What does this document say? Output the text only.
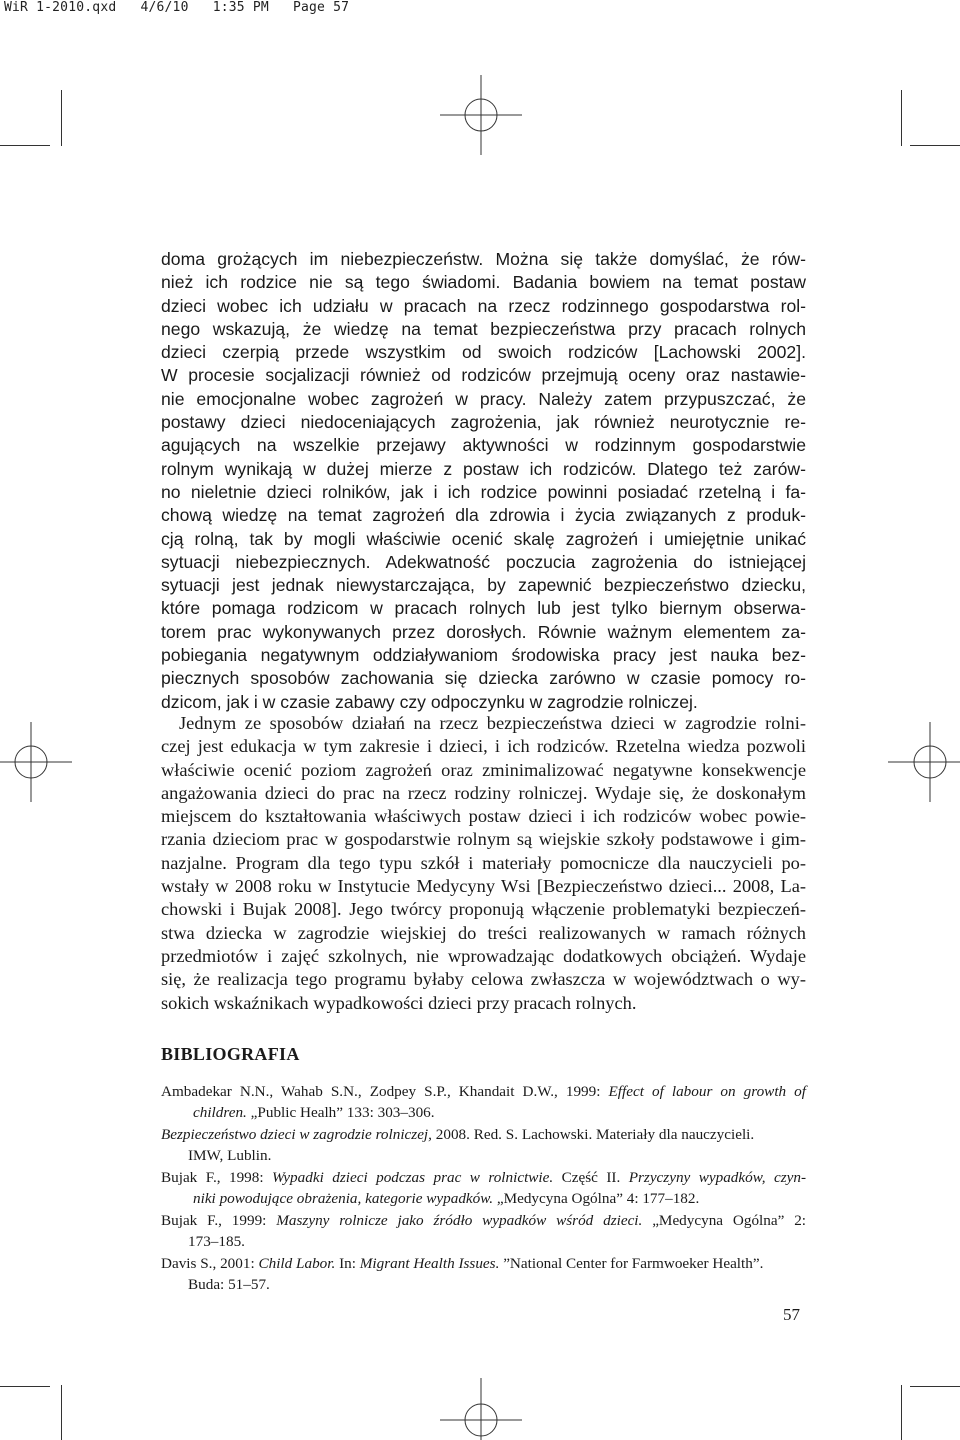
WiR 1-2010.qxd   4/6/10   1:35 PM   Page 57
doma grożących im niebezpieczeństw. Można się także domyślać, że rów-
nież ich rodzice nie są tego świadomi. Badania bowiem na temat postaw
dzieci wobec ich udziału w pracach na rzecz rodzinnego gospodarstwa rol-
nego wskazują, że wiedzę na temat bezpieczeństwa przy pracach rolnych
dzieci czerpią przede wszystkim od swoich rodziców [Lachowski 2002].
W procesie socjalizacji również od rodziców przejmują oceny oraz nastawie-
nie emocjonalne wobec zagrożeń w pracy. Należy zatem przypuszczać, że
postawy dzieci niedoceniających zagrożenia, jak również neurotycznie re-
agujących na wszelkie przejawy aktywności w rodzinnym gospodarstwie
rolnym wynikają w dużej mierze z postaw ich rodziców. Dlatego też zarów-
no nieletnie dzieci rolników, jak i ich rodzice powinni posiadać rzetelną i fa-
chową wiedzę na temat zagrożeń dla zdrowia i życia związanych z produk-
cją rolną, tak by mogli właściwie ocenić skalę zagrożeń i umiejętnie unikać
sytuacji niebezpiecznych. Adekwatność poczucia zagrożenia do istniejącej
sytuacji jest jednak niewystarczająca, by zapewnić bezpieczeństwo dziecku,
które pomaga rodzicom w pracach rolnych lub jest tylko biernym obserwa-
torem prac wykonywanych przez dorosłych. Równie ważnym elementem za-
pobiegania negatywnym oddziaływaniom środowiska pracy jest nauka bez-
piecznych sposobów zachowania się dziecka zarówno w czasie pomocy ro-
dzicom, jak i w czasie zabawy czy odpoczynku w zagrodzie rolniczej.
Jednym ze sposobów działań na rzecz bezpieczeństwa dzieci w zagrodzie rolni-
czej jest edukacja w tym zakresie i dzieci, i ich rodziców. Rzetelna wiedza pozwoli
właściwie ocenić poziom zagrożeń oraz zminimalizować negatywne konsekwencje
angażowania dzieci do prac na rzecz rodziny rolniczej. Wydaje się, że doskonałym
miejscem do kształtowania właściwych postaw dzieci i ich rodziców wobec powie-
rzania dzieciom prac w gospodarstwie rolnym są wiejskie szkoły podstawowe i gim-
nazjalne. Program dla tego typu szkół i materiały pomocnicze dla nauczycieli po-
wstały w 2008 roku w Instytucie Medycyny Wsi [Bezpieczeństwo dzieci... 2008, La-
chowski i Bujak 2008]. Jego twórcy proponują włączenie problematyki bezpieczeń-
stwa dziecka w zagrodzie wiejskiej do treści realizowanych w ramach różnych
przedmiotów i zajęć szkolnych, nie wprowadzając dodatkowych obciążeń. Wydaje
się, że realizacja tego programu byłaby celowa zwłaszcza w województwach o wy-
sokich wskaźnikach wypadkowości dzieci przy pracach rolnych.
BIBLIOGRAFIA
Ambadekar N.N., Wahab S.N., Zodpey S.P., Khandait D.W., 1999: Effect of labour on growth of
children. „Public Healh” 133: 303–306.
Bezpieczeństwo dzieci w zagrodzie rolniczej, 2008. Red. S. Lachowski. Materiały dla nauczycieli.
IMW, Lublin.
Bujak F., 1998: Wypadki dzieci podczas prac w rolnictwie. Część II. Przyczyny wypadków, czyn-
niki powodujące obrażenia, kategorie wypadków. „Medycyna Ogólna” 4: 177–182.
Bujak F., 1999: Maszyny rolnicze jako źródło wypadków wśród dzieci. „Medycyna Ogólna” 2:
173–185.
Davis S., 2001: Child Labor. In: Migrant Health Issues. ”National Center for Farmwoeker Health”.
Buda: 51–57.
57
